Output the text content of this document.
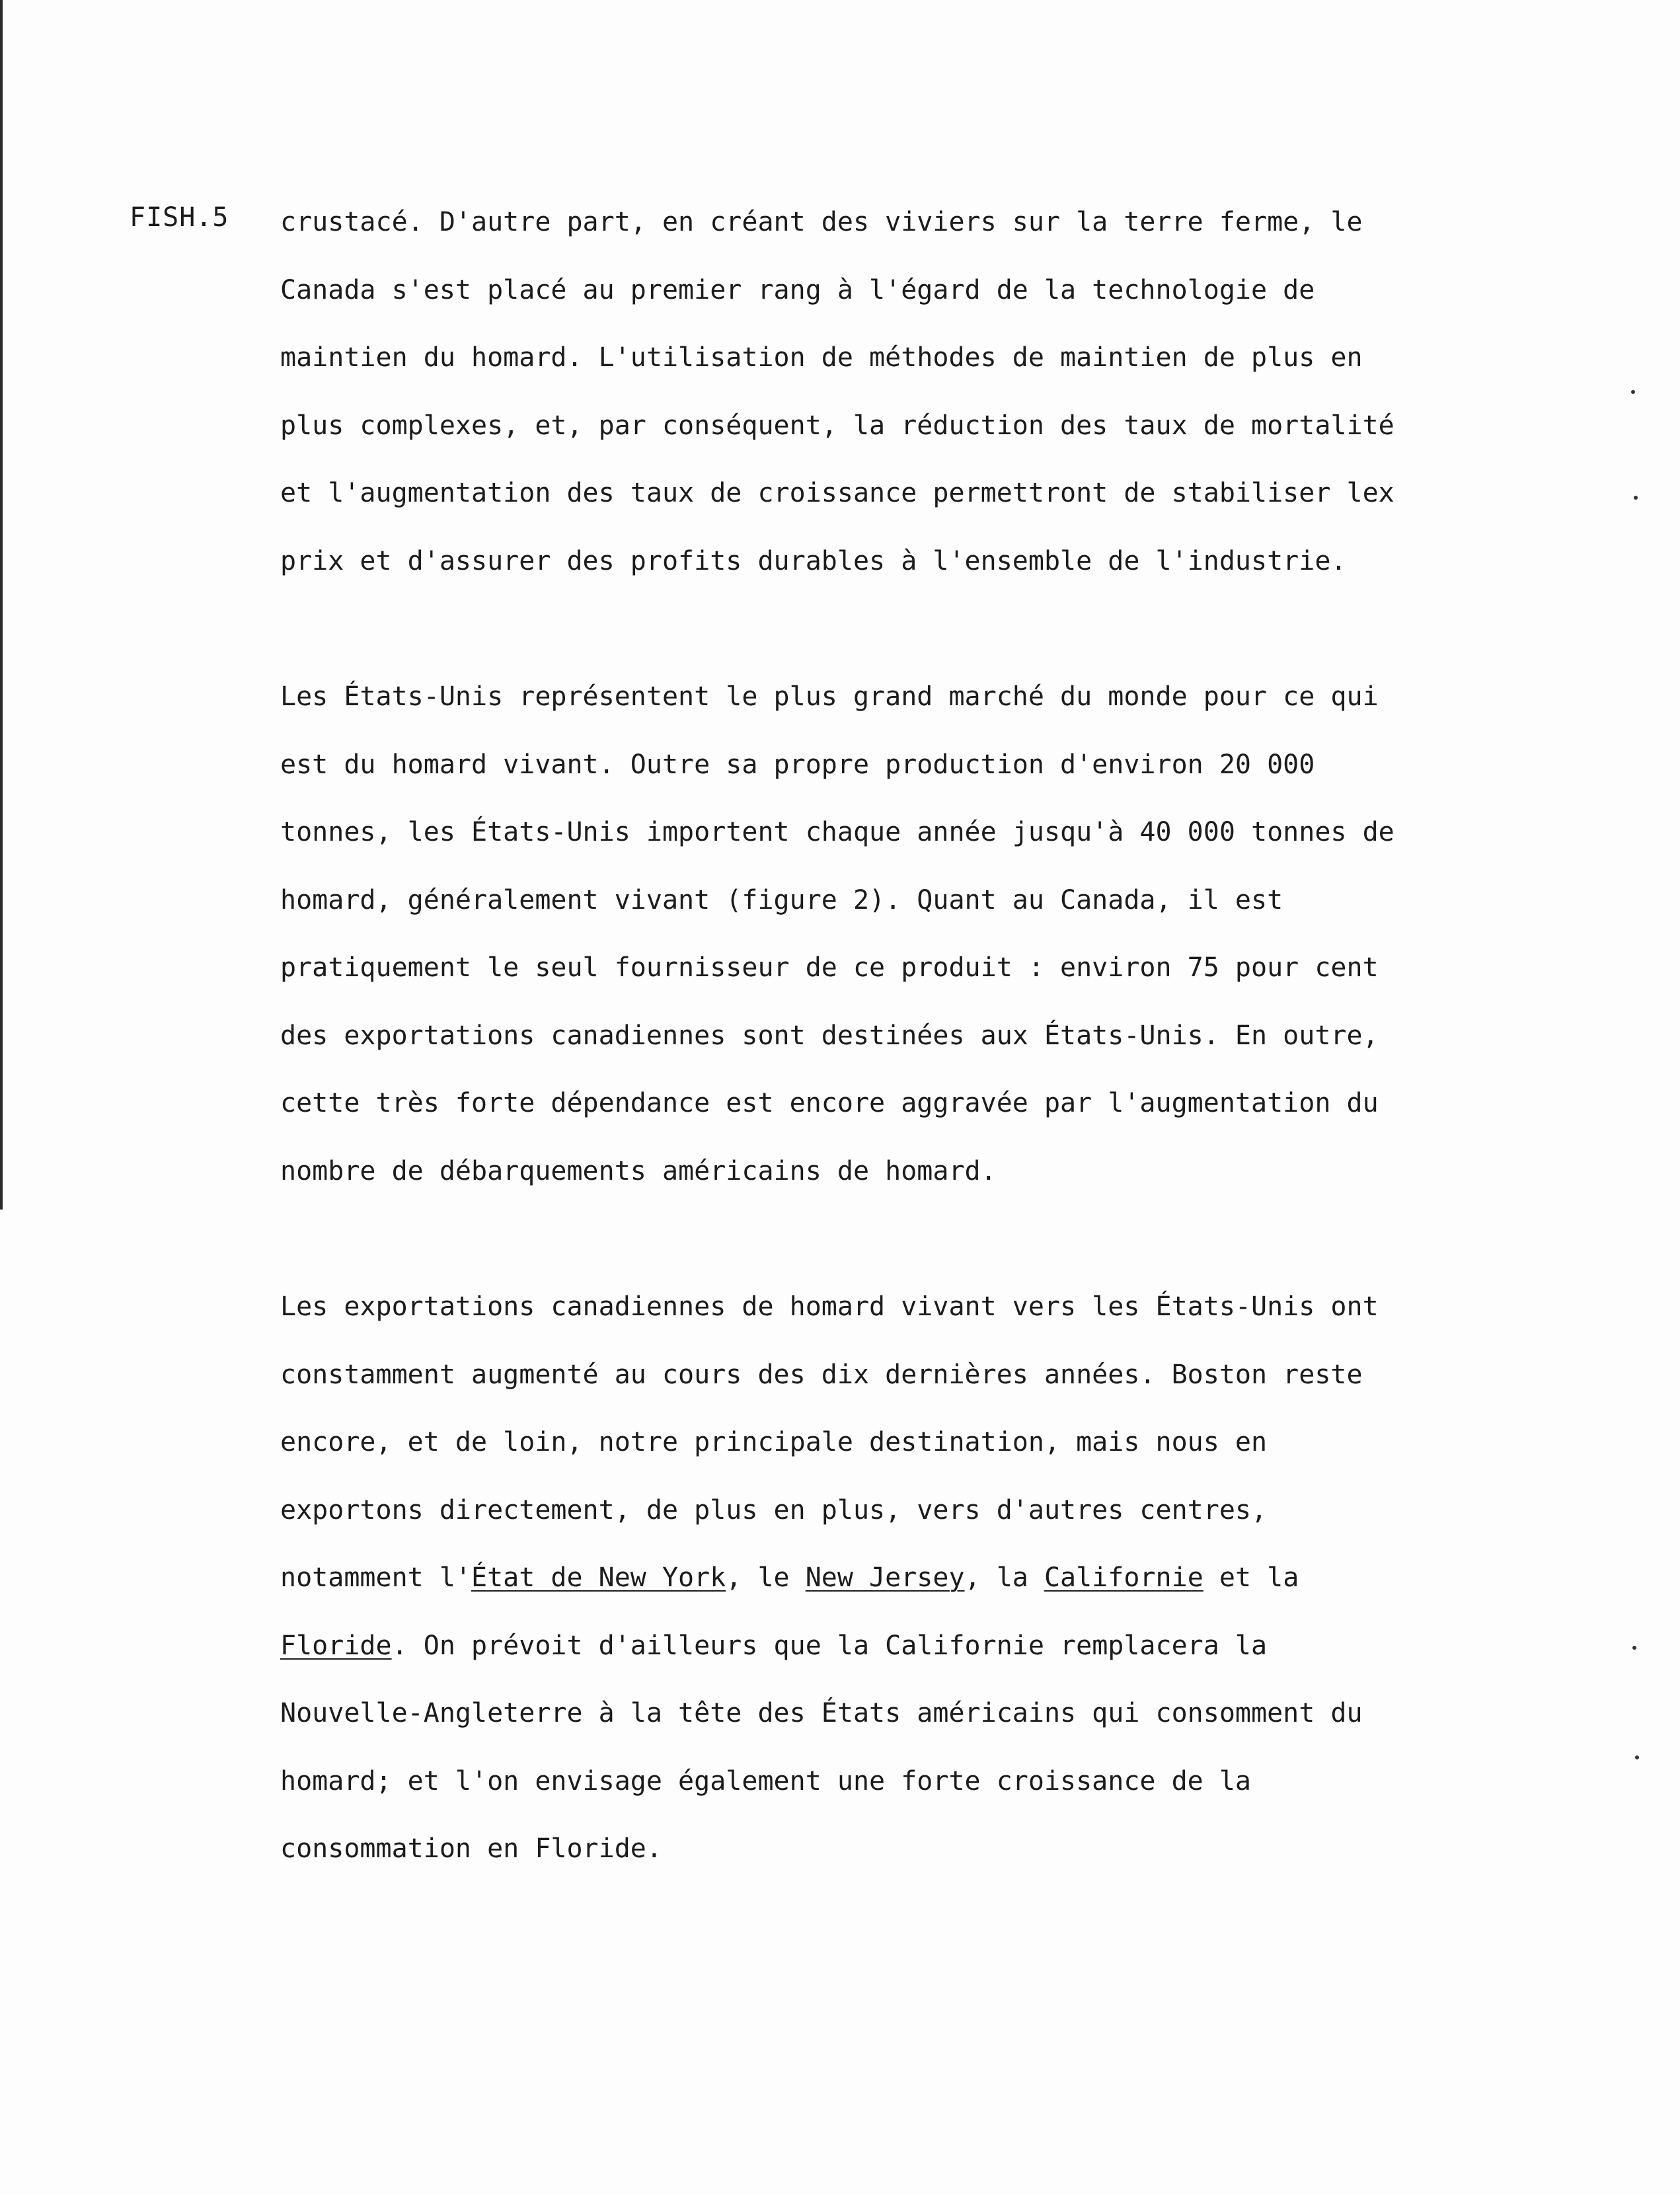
FISH.5 crustacé. D'autre part, en créant des viviers sur la terre ferme, le
Canada s'est placé au premier rang à l'égard de la technologie de
maintien du homard. L'utilisation de méthodes de maintien de plus en
plus complexes, et, par conséquent, la réduction des taux de mortalité
et l'augmentation des taux de croissance permettront de stabiliser lex
prix et d'assurer des profits durables à l'ensemble de l'industrie.
Les États-Unis représentent le plus grand marché du monde pour ce qui
est du homard vivant. Outre sa propre production d'environ 20 000
tonnes, les États-Unis importent chaque année jusqu'à 40 000 tonnes de
homard, généralement vivant (figure 2). Quant au Canada, il est
pratiquement le seul fournisseur de ce produit : environ 75 pour cent
des exportations canadiennes sont destinées aux États-Unis. En outre,
cette très forte dépendance est encore aggravée par l'augmentation du
nombre de débarquements américains de homard.
Les exportations canadiennes de homard vivant vers les États-Unis ont
constamment augmenté au cours des dix dernières années. Boston reste
encore, et de loin, notre principale destination, mais nous en
exportons directement, de plus en plus, vers d'autres centres,
notamment l'État de New York, le New Jersey, la Californie et la
Floride. On prévoit d'ailleurs que la Californie remplacera la
Nouvelle-Angleterre à la tête des États américains qui consomment du
homard; et l'on envisage également une forte croissance de la
consommation en Floride.
